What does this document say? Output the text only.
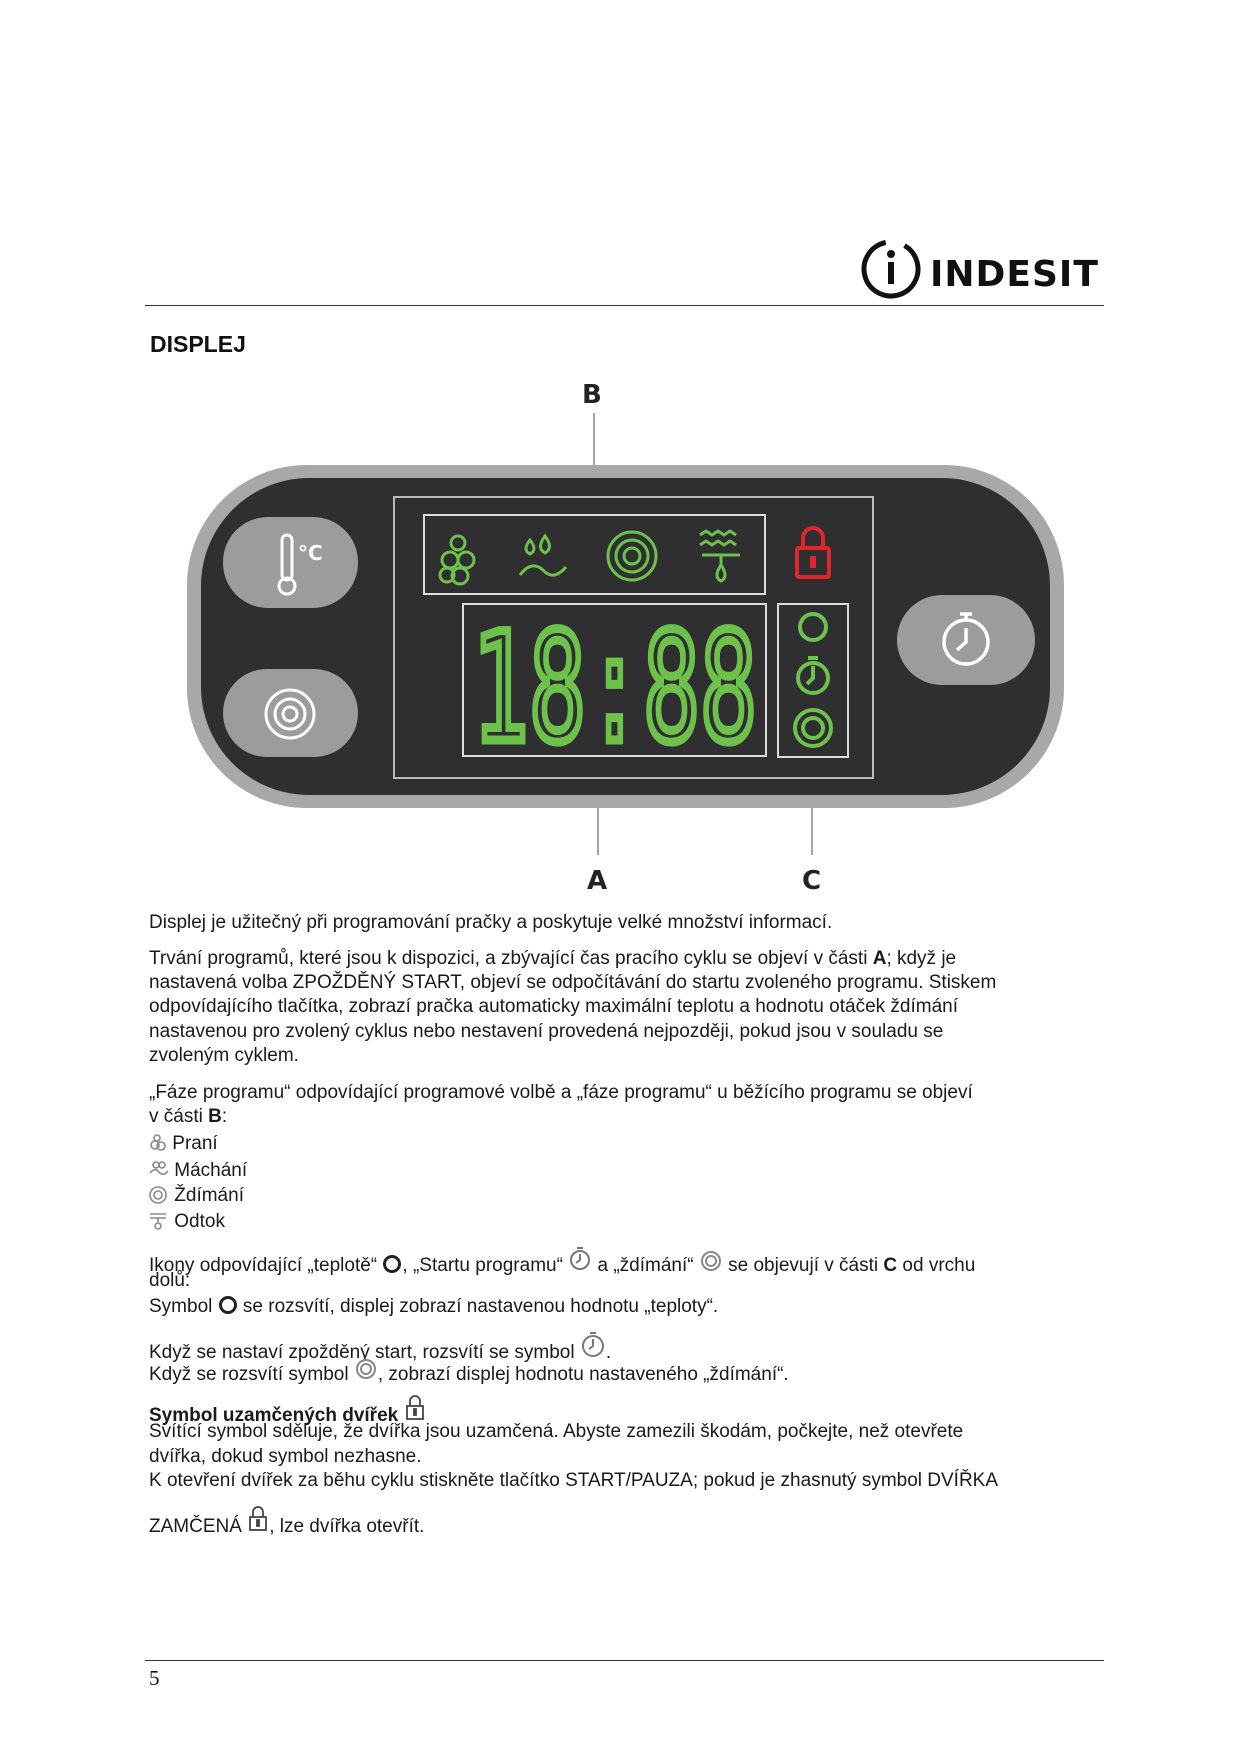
INDESIT
DISPLEJ
B
A	C
18:88
°C
Displej je užitečný při programování pračky a poskytuje velké množství informací.
Trvání programů, které jsou k dispozici, a zbývající čas pracího cyklu se objeví v části A; když je
nastavená volba ZPOŽDĚNÝ START, objeví se odpočítávání do startu zvoleného programu. Stiskem
odpovídajícího tlačítka, zobrazí pračka automaticky maximální teplotu a hodnotu otáček ždímání
nastavenou pro zvolený cyklus nebo nestavení provedená nejpozději, pokud jsou v souladu se
zvoleným cyklem.
„Fáze programu“ odpovídající programové volbě a „fáze programu“ u běžícího programu se objeví
v části B:
Praní
Máchání
Ždímání
Odtok
Ikony odpovídající „teplotě“ , „Startu programu“  a „ždímání“  se objevují v části C od vrchu
dolů:
Symbol  se rozsvítí, displej zobrazí nastavenou hodnotu „teploty“.
Když se nastaví zpožděný start, rozsvítí se symbol .
Když se rozsvítí symbol , zobrazí displej hodnotu nastaveného „ždímání“.
Symbol uzamčených dvířek
Svítící symbol sděluje, že dvířka jsou uzamčená. Abyste zamezili škodám, počkejte, než otevřete
dvířka, dokud symbol nezhasne.
K otevření dvířek za běhu cyklu stiskněte tlačítko START/PAUZA; pokud je zhasnutý symbol DVÍŘKA
ZAMČENÁ , lze dvířka otevřít.
5
